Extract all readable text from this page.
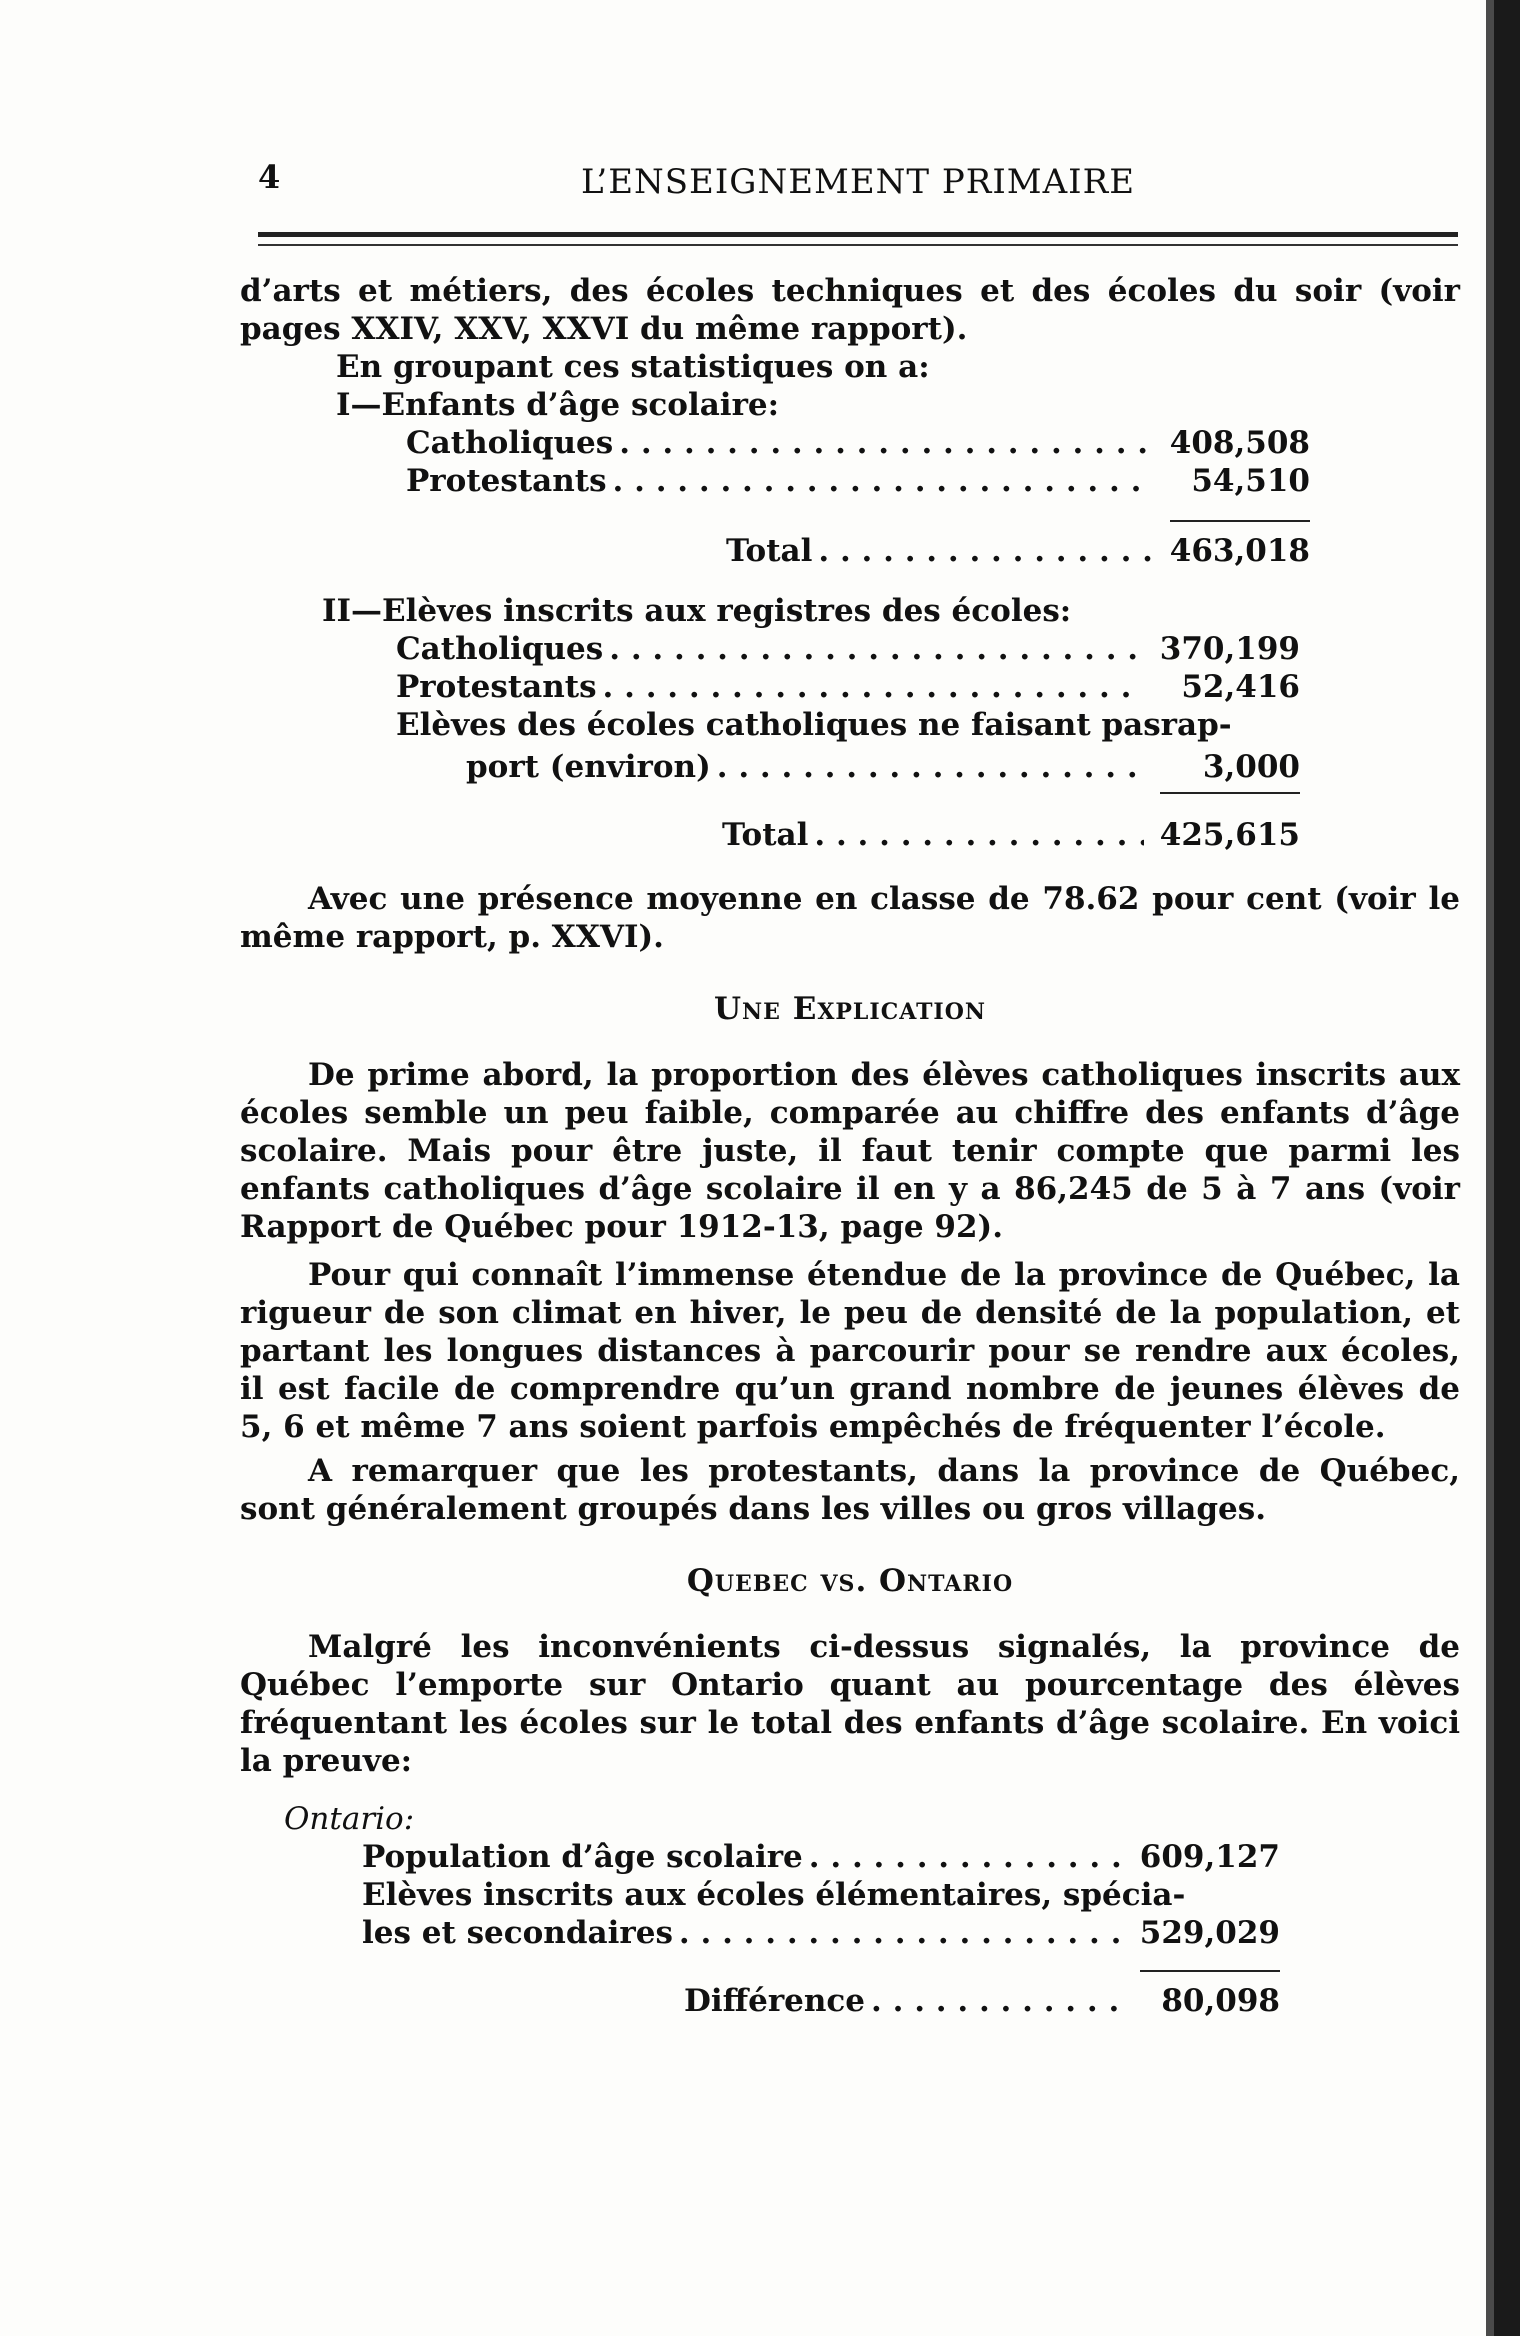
4	L’ENSEIGNEMENT PRIMAIRE

d’arts et métiers, des écoles techniques et des écoles du soir (voir pages XXIV, XXV, XXVI du même rapport).

En groupant ces statistiques on a:

I—Enfants d’âge scolaire:

Catholiques . . .	408,508
Protestants . . .	54,510
Total . . .	463,018

II—Elèves inscrits aux registres des écoles:

Catholiques . . .	370,199
Protestants . . .	52,416

Elèves des écoles catholiques ne faisant pasrap-

port (environ) . . .	3,000
Total . . .	425,615

Avec une présence moyenne en classe de 78.62 pour cent (voir le même rapport, p. XXVI).

Une Explication

De prime abord, la proportion des élèves catholiques inscrits aux écoles semble un peu faible, comparée au chiffre des enfants d’âge scolaire. Mais pour être juste, il faut tenir compte que parmi les enfants catholiques d’âge scolaire il en y a 86,245 de 5 à 7 ans (voir Rapport de Québec pour 1912-13, page 92).

Pour qui connaît l’immense étendue de la province de Québec, la rigueur de son climat en hiver, le peu de densité de la population, et partant les longues distances à parcourir pour se rendre aux écoles, il est facile de comprendre qu’un grand nombre de jeunes élèves de 5, 6 et même 7 ans soient parfois empêchés de fréquenter l’école.

A remarquer que les protestants, dans la province de Québec, sont généralement groupés dans les villes ou gros villages.

Quebec vs. Ontario

Malgré les inconvénients ci-dessus signalés, la province de Québec l’emporte sur Ontario quant au pourcentage des élèves fréquentant les écoles sur le total des enfants d’âge scolaire. En voici la preuve:

Ontario:

Population d’âge scolaire . . .	609,127

Elèves inscrits aux écoles élémentaires, spécia-

les et secondaires . . .	529,029
Différence . . .	80,098
